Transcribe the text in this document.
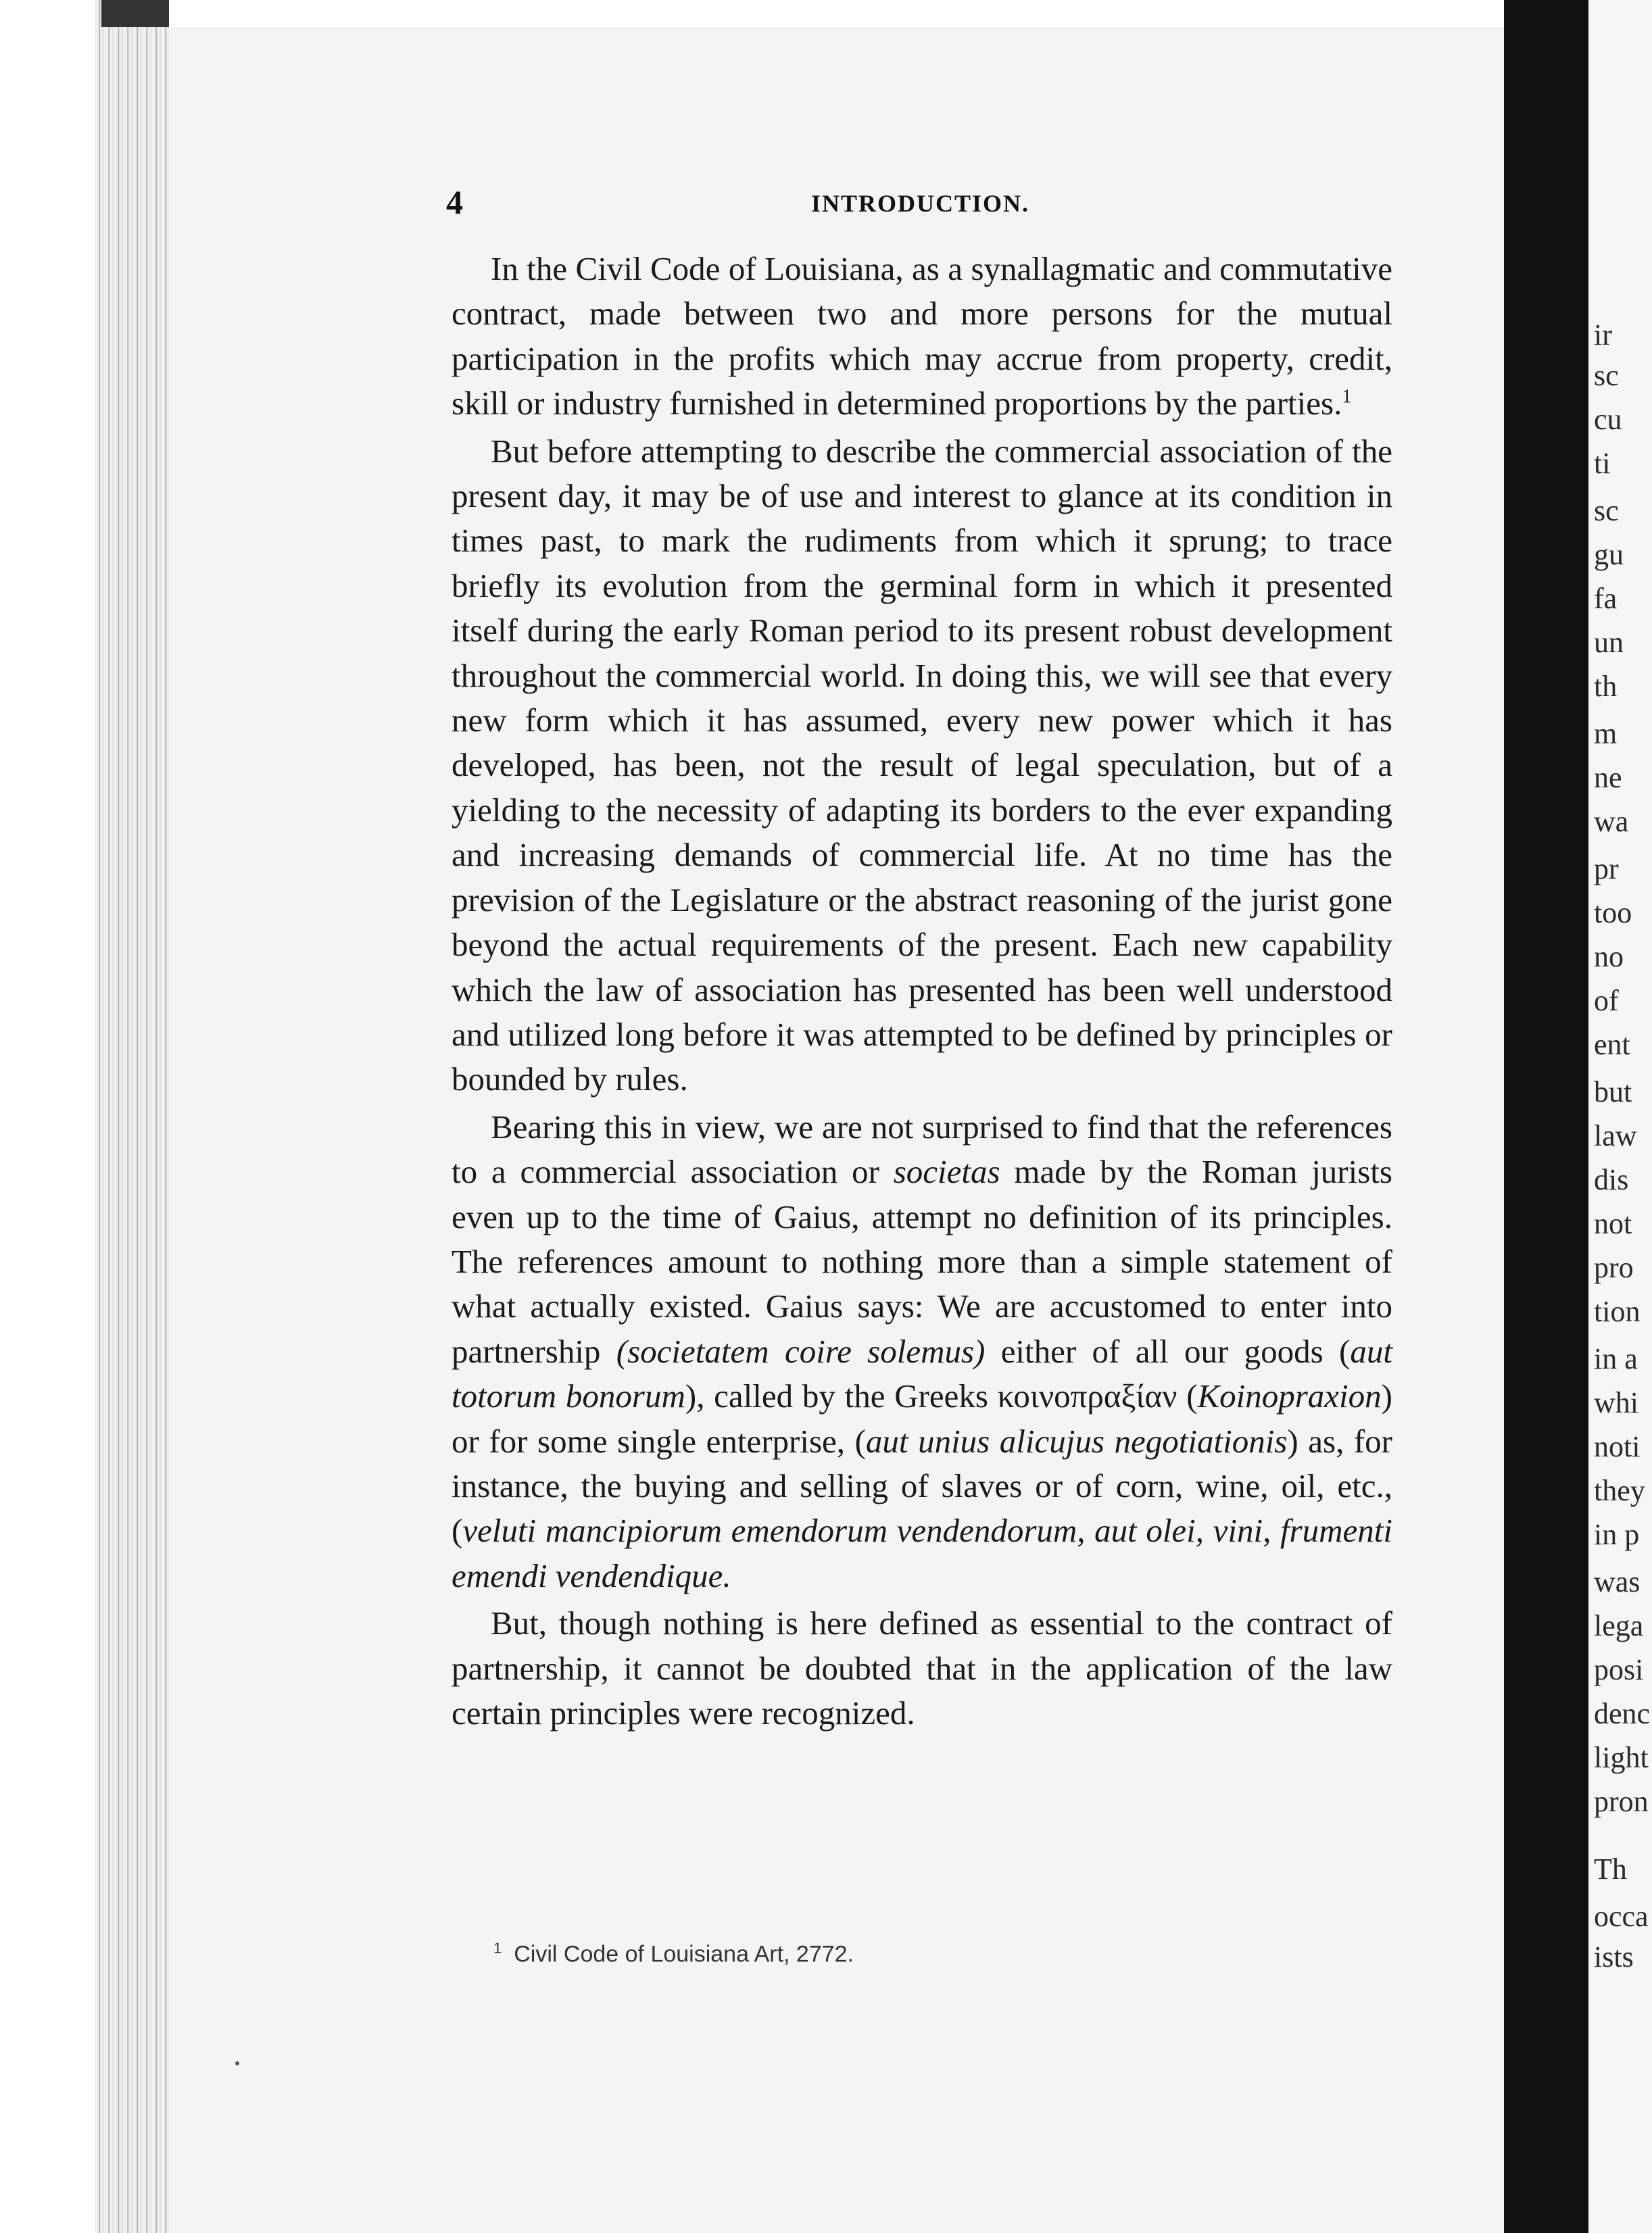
4	INTRODUCTION.

In the Civil Code of Louisiana, as a synallagmatic and commutative contract, made between two and more persons for the mutual participation in the profits which may accrue from property, credit, skill or industry furnished in determined proportions by the parties.$^1$

But before attempting to describe the commercial association of the present day, it may be of use and interest to glance at its condition in times past, to mark the rudiments from which it sprung; to trace briefly its evolution from the germinal form in which it presented itself during the early Roman period to its present robust development throughout the commercial world. In doing this, we will see that every new form which it has assumed, every new power which it has developed, has been, not the result of legal speculation, but of a yielding to the necessity of adapting its borders to the ever expanding and increasing demands of commercial life. At no time has the prevision of the Legislature or the abstract reasoning of the jurist gone beyond the actual requirements of the present. Each new capability which the law of association has presented has been well understood and utilized long before it was attempted to be defined by principles or bounded by rules.

Bearing this in view, we are not surprised to find that the references to a commercial association or societas made by the Roman jurists even up to the time of Gaius, attempt no definition of its principles. The references amount to nothing more than a simple statement of what actually existed. Gaius says: We are accustomed to enter into partnership (societatem coire solemus) either of all our goods (aut totorum bonorum), called by the Greeks κοινοπραξίαν (Koinopraxion) or for some single enterprise, (aut unius alicujus negotiationis) as, for instance, the buying and selling of slaves or of corn, wine, oil, etc., (veluti mancipiorum emendorum vendendorum, aut olei, vini, frumenti emendi vendendique.

But, though nothing is here defined as essential to the contract of partnership, it cannot be doubted that in the application of the law certain principles were recognized.

$^1$ Civil Code of Louisiana Art, 2772.
ir
sc
cu
ti
sc
gu
fa
un
th
m
ne
wa
pr
too
no
of
ent
but
law
dis
not
pro
tion
in a
whi
noti
they
in p
was
lega
posi
denc
light
pron
Th
occa
ists
